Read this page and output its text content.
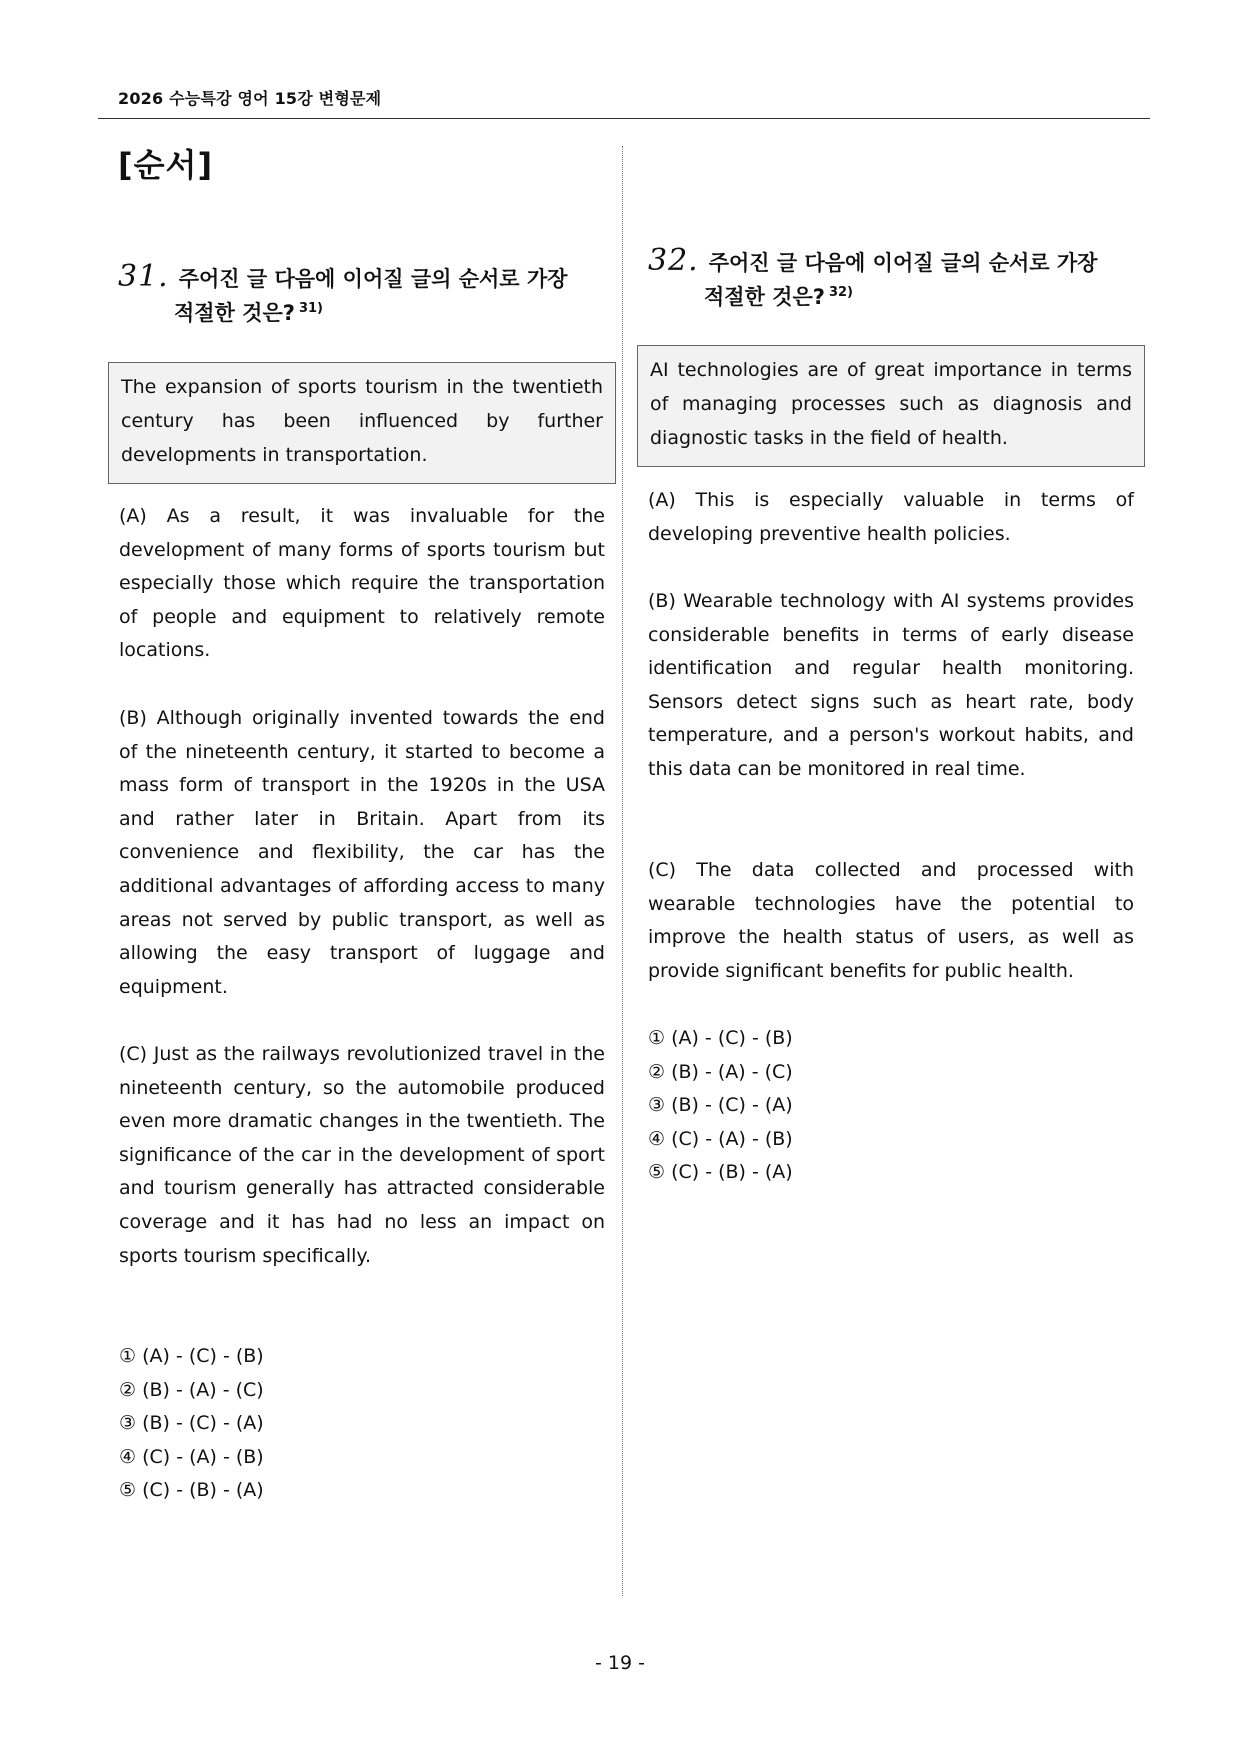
2026 수능특강 영어 15강 변형문제
[순서]
31. 주어진 글 다음에 이어질 글의 순서로 가장
적절한 것은? $^{31)}$
The expansion of sports tourism in the twentieth century has been influenced by further developments in transportation.
(A) As a result, it was invaluable for the development of many forms of sports tourism but especially those which require the transportation of people and equipment to relatively remote locations.
(B) Although originally invented towards the end of the nineteenth century, it started to become a mass form of transport in the 1920s in the USA and rather later in Britain. Apart from its convenience and flexibility, the car has the additional advantages of affording access to many areas not served by public transport, as well as allowing the easy transport of luggage and equipment.
(C) Just as the railways revolutionized travel in the nineteenth century, so the automobile produced even more dramatic changes in the twentieth. The significance of the car in the development of sport and tourism generally has attracted considerable coverage and it has had no less an impact on sports tourism specifically.
① (A) - (C) - (B)② (B) - (A) - (C)
③ (B) - (C) - (A)④ (C) - (A) - (B)
⑤ (C) - (B) - (A)
32. 주어진 글 다음에 이어질 글의 순서로 가장
적절한 것은? $^{32)}$
AI technologies are of great importance in terms of managing processes such as diagnosis and diagnostic tasks in the field of health.
(A) This is especially valuable in terms of developing preventive health policies.
(B) Wearable technology with AI systems provides considerable benefits in terms of early disease identification and regular health monitoring. Sensors detect signs such as heart rate, body temperature, and a person's workout habits, and this data can be monitored in real time.
(C) The data collected and processed with wearable technologies have the potential to improve the health status of users, as well as provide significant benefits for public health.
① (A) - (C) - (B)② (B) - (A) - (C)
③ (B) - (C) - (A)④ (C) - (A) - (B)
⑤ (C) - (B) - (A)
- 19 -
